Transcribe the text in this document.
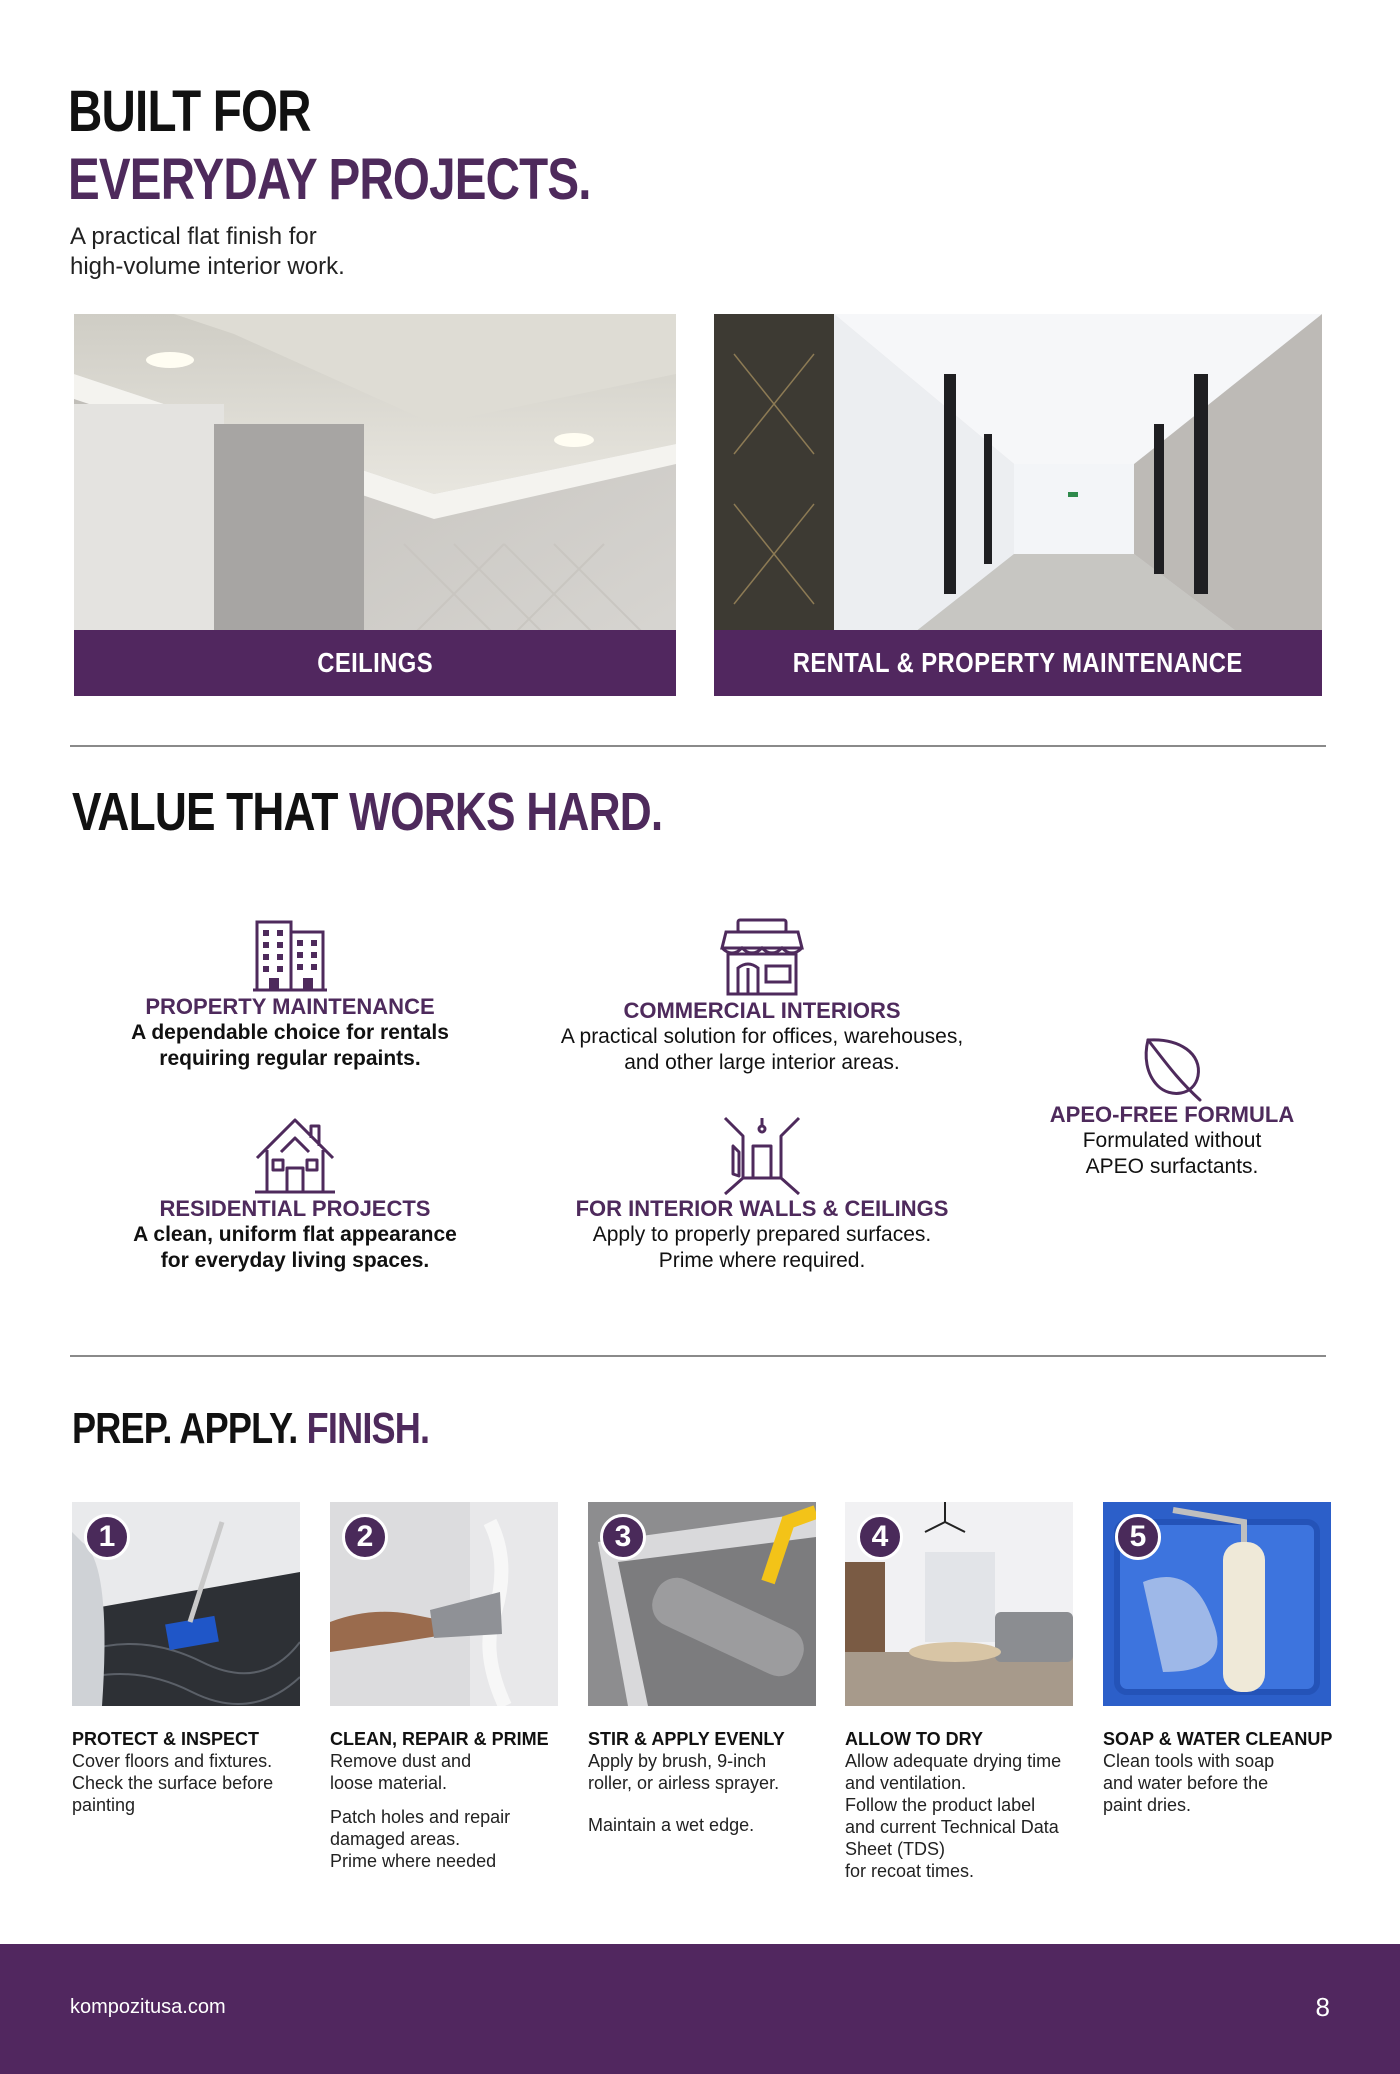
BUILT FOR
EVERYDAY PROJECTS.
A practical flat finish for
high-volume interior work.
CEILINGS	RENTAL & PROPERTY MAINTENANCE
VALUE THAT WORKS HARD.
PROPERTY MAINTENANCE
A dependable choice for rentals
requiring regular repaints.
COMMERCIAL INTERIORS
A practical solution for offices, warehouses,
and other large interior areas.
APEO-FREE FORMULA
Formulated without
APEO surfactants.
RESIDENTIAL PROJECTS
A clean, uniform flat appearance
for everyday living spaces.
FOR INTERIOR WALLS & CEILINGS
Apply to properly prepared surfaces.
Prime where required.
PREP. APPLY. FINISH.
1
PROTECT & INSPECT
Cover floors and fixtures.
Check the surface before
painting
2
CLEAN, REPAIR & PRIME
Remove dust and
loose material.
Patch holes and repair
damaged areas.
Prime where needed
3
STIR & APPLY EVENLY
Apply by brush, 9-inch
roller, or airless sprayer.
Maintain a wet edge.
4
ALLOW TO DRY
Allow adequate drying time
and ventilation.
Follow the product label
and current Technical Data
Sheet (TDS)
for recoat times.
5
SOAP & WATER CLEANUP
Clean tools with soap
and water before the
paint dries.
kompozitusa.com	8
